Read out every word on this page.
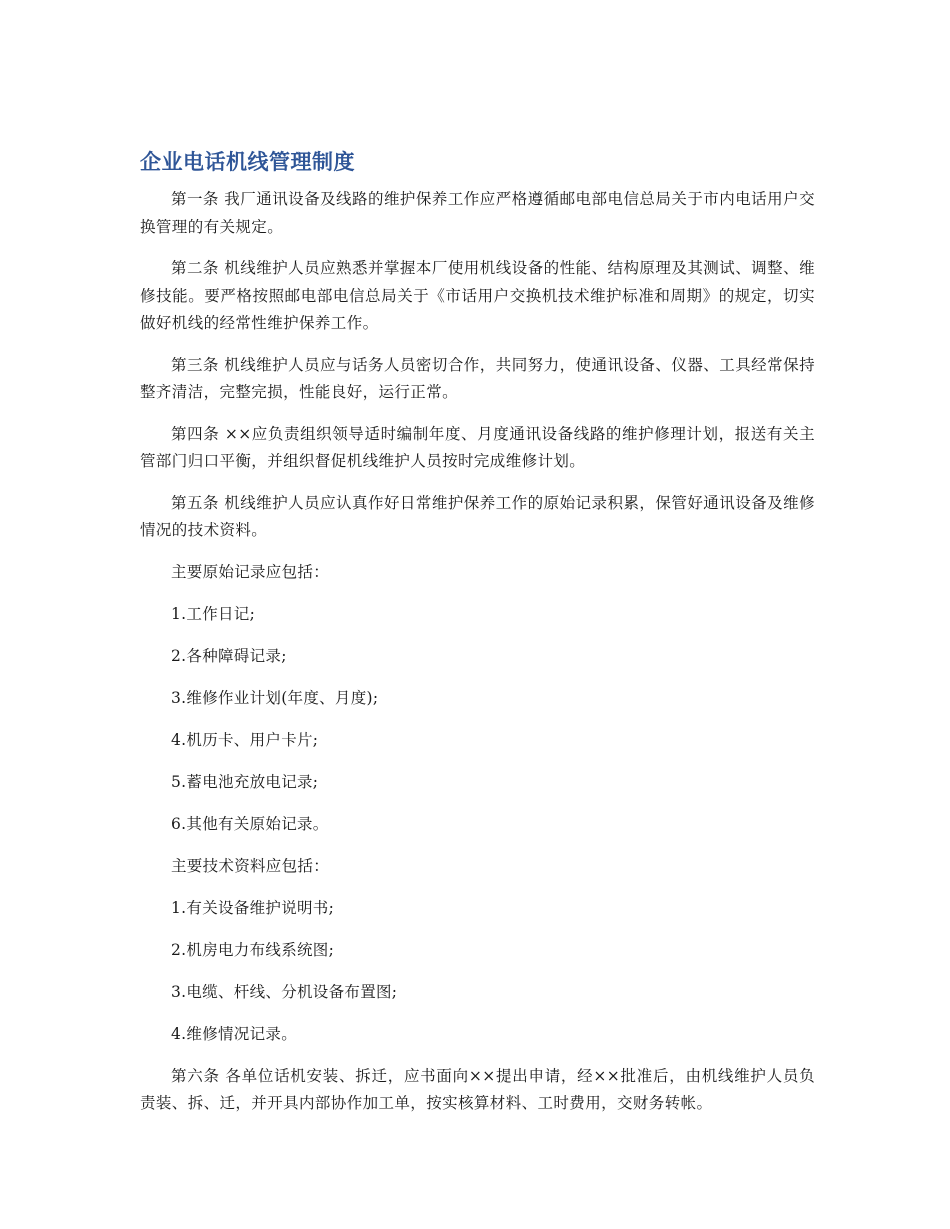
企业电话机线管理制度

第一条 我厂通讯设备及线路的维护保养工作应严格遵循邮电部电信总局关于市内电话用户交换管理的有关规定。

第二条 机线维护人员应熟悉并掌握本厂使用机线设备的性能、结构原理及其测试、调整、维修技能。要严格按照邮电部电信总局关于《市话用户交换机技术维护标准和周期》的规定，切实做好机线的经常性维护保养工作。

第三条 机线维护人员应与话务人员密切合作，共同努力，使通讯设备、仪器、工具经常保持整齐清洁，完整完损，性能良好，运行正常。

第四条 ××应负责组织领导适时编制年度、月度通讯设备线路的维护修理计划，报送有关主管部门归口平衡，并组织督促机线维护人员按时完成维修计划。

第五条 机线维护人员应认真作好日常维护保养工作的原始记录积累，保管好通讯设备及维修情况的技术资料。

主要原始记录应包括：

1.工作日记;

2.各种障碍记录;

3.维修作业计划(年度、月度);

4.机历卡、用户卡片;

5.蓄电池充放电记录;

6.其他有关原始记录。

主要技术资料应包括：

1.有关设备维护说明书;

2.机房电力布线系统图;

3.电缆、杆线、分机设备布置图;

4.维修情况记录。

第六条 各单位话机安装、拆迁，应书面向××提出申请，经××批准后，由机线维护人员负责装、拆、迁，并开具内部协作加工单，按实核算材料、工时费用，交财务转帐。
